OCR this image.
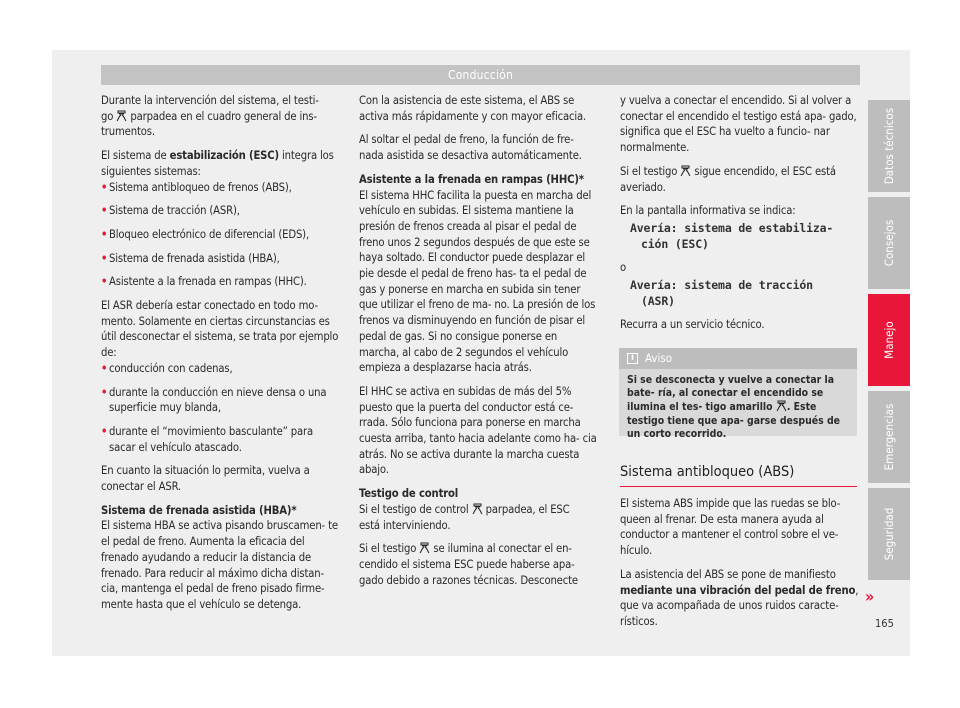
Conducción

Durante la intervención del sistema, el testi-
go parpadea en el cuadro general de ins-
trumentos.

El sistema de estabilización (ESC) integra los
siguientes sistemas:

• Sistema antibloqueo de frenos (ABS),

• Sistema de tracción (ASR),

• Bloqueo electrónico de diferencial (EDS),

• Sistema de frenada asistida (HBA),

• Asistente a la frenada en rampas (HHC).

El ASR debería estar conectado en todo mo- mento. Solamente en ciertas circunstancias es útil desconectar el sistema, se trata por ejemplo de:

• conducción con cadenas,

• durante la conducción en nieve densa o una superficie muy blanda,

• durante el “movimiento basculante” para sacar el vehículo atascado.

En cuanto la situación lo permita, vuelva a conectar el ASR.

Sistema de frenada asistida (HBA)*

El sistema HBA se activa pisando bruscamen- te el pedal de freno. Aumenta la eficacia del frenado ayudando a reducir la distancia de frenado. Para reducir al máximo dicha distan- cia, mantenga el pedal de freno pisado firme- mente hasta que el vehículo se detenga.

Con la asistencia de este sistema, el ABS se activa más rápidamente y con mayor eficacia.

Al soltar el pedal de freno, la función de fre- nada asistida se desactiva automáticamente.

Asistente a la frenada en rampas (HHC)*

El sistema HHC facilita la puesta en marcha del vehículo en subidas. El sistema mantiene la presión de frenos creada al pisar el pedal de freno unos 2 segundos después de que este se haya soltado. El conductor puede desplazar el pie desde el pedal de freno has- ta el pedal de gas y ponerse en marcha en subida sin tener que utilizar el freno de ma- no. La presión de los frenos va disminuyendo en función de pisar el pedal de gas. Si no consigue ponerse en marcha, al cabo de 2 segundos el vehículo empieza a desplazarse hacia atrás.

El HHC se activa en subidas de más del 5% puesto que la puerta del conductor está ce- rrada. Sólo funciona para ponerse en marcha cuesta arriba, tanto hacia adelante como ha- cia atrás. No se activa durante la marcha cuesta abajo.

Testigo de control

Si el testigo de control parpadea, el ESC
está interviniendo.

Si el testigo se ilumina al conectar el en- cendido el sistema ESC puede haberse apa- gado debido a razones técnicas. Desconecte

y vuelva a conectar el encendido. Si al volver a conectar el encendido el testigo está apa- gado, significa que el ESC ha vuelto a funcio- nar normalmente.

Si el testigo sigue encendido, el ESC está
averiado.

En la pantalla informativa se indica:

Avería: sistema de estabiliza-
ción (ESC)

o

Avería: sistema de tracción
(ASR)

Recurra a un servicio técnico.

i Aviso
Si se desconecta y vuelve a conectar la bate- ría, al conectar el encendido se ilumina el tes- tigo amarillo . Este testigo tiene que apa- garse después de un corto recorrido.
Sistema antibloqueo (ABS)

El sistema ABS impide que las ruedas se blo- queen al frenar. De esta manera ayuda al conductor a mantener el control sobre el ve- hículo.

La asistencia del ABS se pone de manifiesto mediante una vibración del pedal de freno, que va acompañada de unos ruidos caracte- rísticos.

»
165
Datos técnicos
Consejos
Manejo
Emergencias
Seguridad
